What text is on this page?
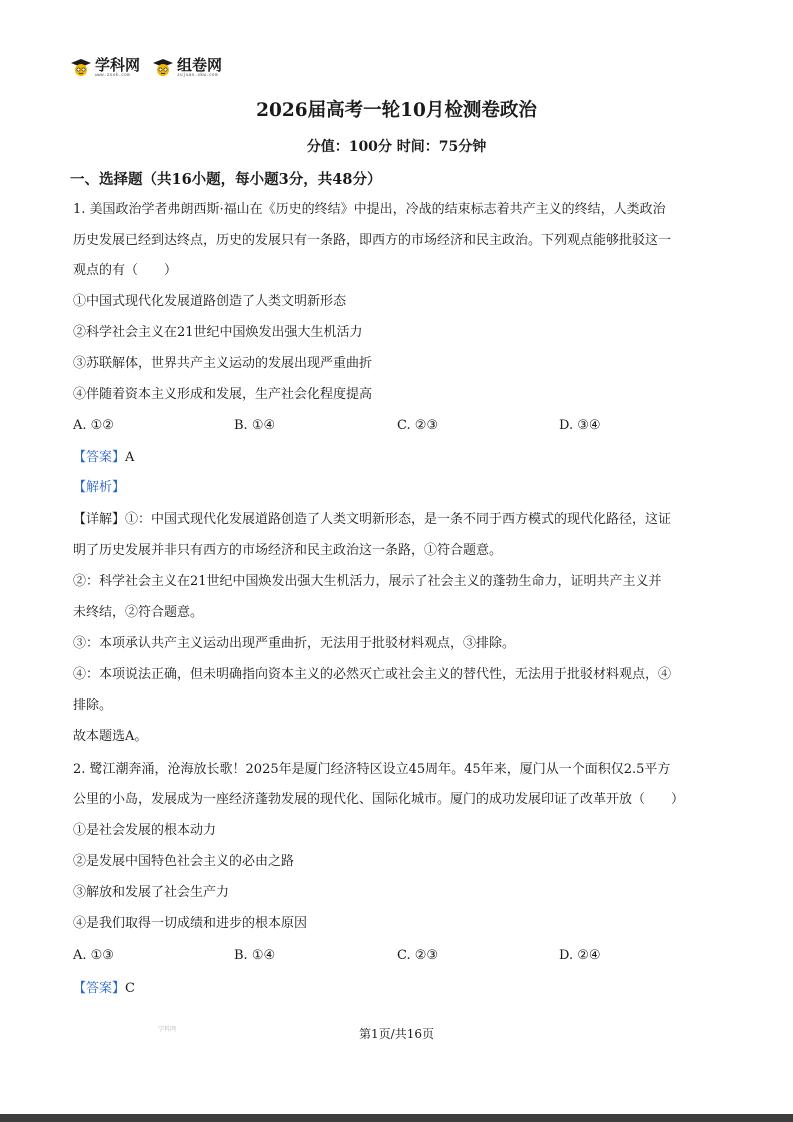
学科网
www.zxxk.com
组卷网
zujuan.xkw.com
2026届高考一轮10月检测卷政治
分值：100分 时间：75分钟
一、选择题（共16小题，每小题3分，共48分）
1. 美国政治学者弗朗西斯·福山在《历史的终结》中提出，冷战的结束标志着共产主义的终结，人类政治
历史发展已经到达终点，历史的发展只有一条路，即西方的市场经济和民主政治。下列观点能够批驳这一
观点的有（　　）
①中国式现代化发展道路创造了人类文明新形态
②科学社会主义在21世纪中国焕发出强大生机活力
③苏联解体，世界共产主义运动的发展出现严重曲折
④伴随着资本主义形成和发展，生产社会化程度提高
A. ①②	B. ①④	C. ②③	D. ③④
【答案】A
【解析】
【详解】①：中国式现代化发展道路创造了人类文明新形态，是一条不同于西方模式的现代化路径，这证
明了历史发展并非只有西方的市场经济和民主政治这一条路，①符合题意。
②：科学社会主义在21世纪中国焕发出强大生机活力，展示了社会主义的蓬勃生命力，证明共产主义并
未终结，②符合题意。
③：本项承认共产主义运动出现严重曲折，无法用于批驳材料观点，③排除。
④：本项说法正确，但未明确指向资本主义的必然灭亡或社会主义的替代性，无法用于批驳材料观点，④
排除。
故本题选A。
2. 鹭江潮奔涌，沧海放长歌！2025年是厦门经济特区设立45周年。45年来，厦门从一个面积仅2.5平方
公里的小岛，发展成为一座经济蓬勃发展的现代化、国际化城市。厦门的成功发展印证了改革开放（　　）
①是社会发展的根本动力
②是发展中国特色社会主义的必由之路
③解放和发展了社会生产力
④是我们取得一切成绩和进步的根本原因
A. ①③	B. ①④	C. ②③	D. ②④
【答案】C
学科网	第1页/共16页
